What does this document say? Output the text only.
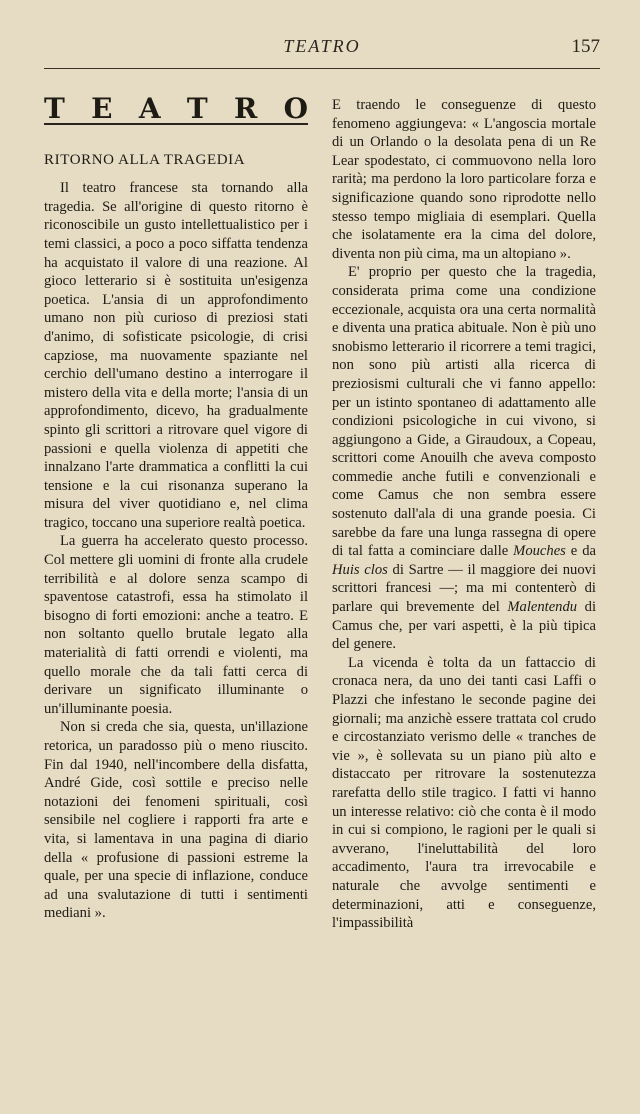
TEATRO	157
T E A T R O
RITORNO ALLA TRAGEDIA

Il teatro francese sta tornando alla tragedia. Se all'origine di questo ritorno è riconoscibile un gusto intellettualistico per i temi classici, a poco a poco siffatta tendenza ha acquistato il valore di una reazione. Al gioco letterario si è sostituita un'esigenza poetica. L'ansia di un approfondimento umano non più curioso di preziosi stati d'animo, di sofisticate psicologie, di crisi capziose, ma nuovamente spaziante nel cerchio dell'umano destino a interrogare il mistero della vita e della morte; l'ansia di un approfondimento, dicevo, ha gradualmente spinto gli scrittori a ritrovare quel vigore di passioni e quella violenza di appetiti che innalzano l'arte drammatica a conflitti la cui tensione e la cui risonanza superano la misura del viver quotidiano e, nel clima tragico, toccano una superiore realtà poetica.

La guerra ha accelerato questo processo. Col mettere gli uomini di fronte alla crudele terribilità e al dolore senza scampo di spaventose catastrofi, essa ha stimolato il bisogno di forti emozioni: anche a teatro. E non soltanto quello brutale legato alla materialità di fatti orrendi e violenti, ma quello morale che da tali fatti cerca di derivare un significato illuminante o un'illuminante poesia.

Non si creda che sia, questa, un'illazione retorica, un paradosso più o meno riuscito. Fin dal 1940, nell'incombere della disfatta, André Gide, così sottile e preciso nelle notazioni dei fenomeni spirituali, così sensibile nel cogliere i rapporti fra arte e vita, si lamentava in una pagina di diario della « profusione di passioni estreme la quale, per una specie di inflazione, conduce ad una svalutazione di tutti i sentimenti mediani ».

E traendo le conseguenze di questo fenomeno aggiungeva: « L'angoscia mortale di un Orlando o la desolata pena di un Re Lear spodestato, ci commuovono nella loro rarità; ma perdono la loro particolare forza e significazione quando sono riprodotte nello stesso tempo migliaia di esemplari. Quella che isolatamente era la cima del dolore, diventa non più cima, ma un altopiano ».

E' proprio per questo che la tragedia, considerata prima come una condizione eccezionale, acquista ora una certa normalità e diventa una pratica abituale. Non è più uno snobismo letterario il ricorrere a temi tragici, non sono più artisti alla ricerca di preziosismi culturali che vi fanno appello: per un istinto spontaneo di adattamento alle condizioni psicologiche in cui vivono, si aggiungono a Gide, a Giraudoux, a Copeau, scrittori come Anouilh che aveva composto commedie anche futili e convenzionali e come Camus che non sembra essere sostenuto dall'ala di una grande poesia. Ci sarebbe da fare una lunga rassegna di opere di tal fatta a cominciare dalle Mouches e da Huis clos di Sartre — il maggiore dei nuovi scrittori francesi —; ma mi contenterò di parlare qui brevemente del Malentendu di Camus che, per vari aspetti, è la più tipica del genere.

La vicenda è tolta da un fattaccio di cronaca nera, da uno dei tanti casi Laffi o Plazzi che infestano le seconde pagine dei giornali; ma anzichè essere trattata col crudo e circostanziato verismo delle « tranches de vie », è sollevata su un piano più alto e distaccato per ritrovare la sostenutezza rarefatta dello stile tragico. I fatti vi hanno un interesse relativo: ciò che conta è il modo in cui si compiono, le ragioni per le quali si avverano, l'ineluttabilità del loro accadimento, l'aura tra irrevocabile e naturale che avvolge sentimenti e determinazioni, atti e conseguenze, l'impassibilità
